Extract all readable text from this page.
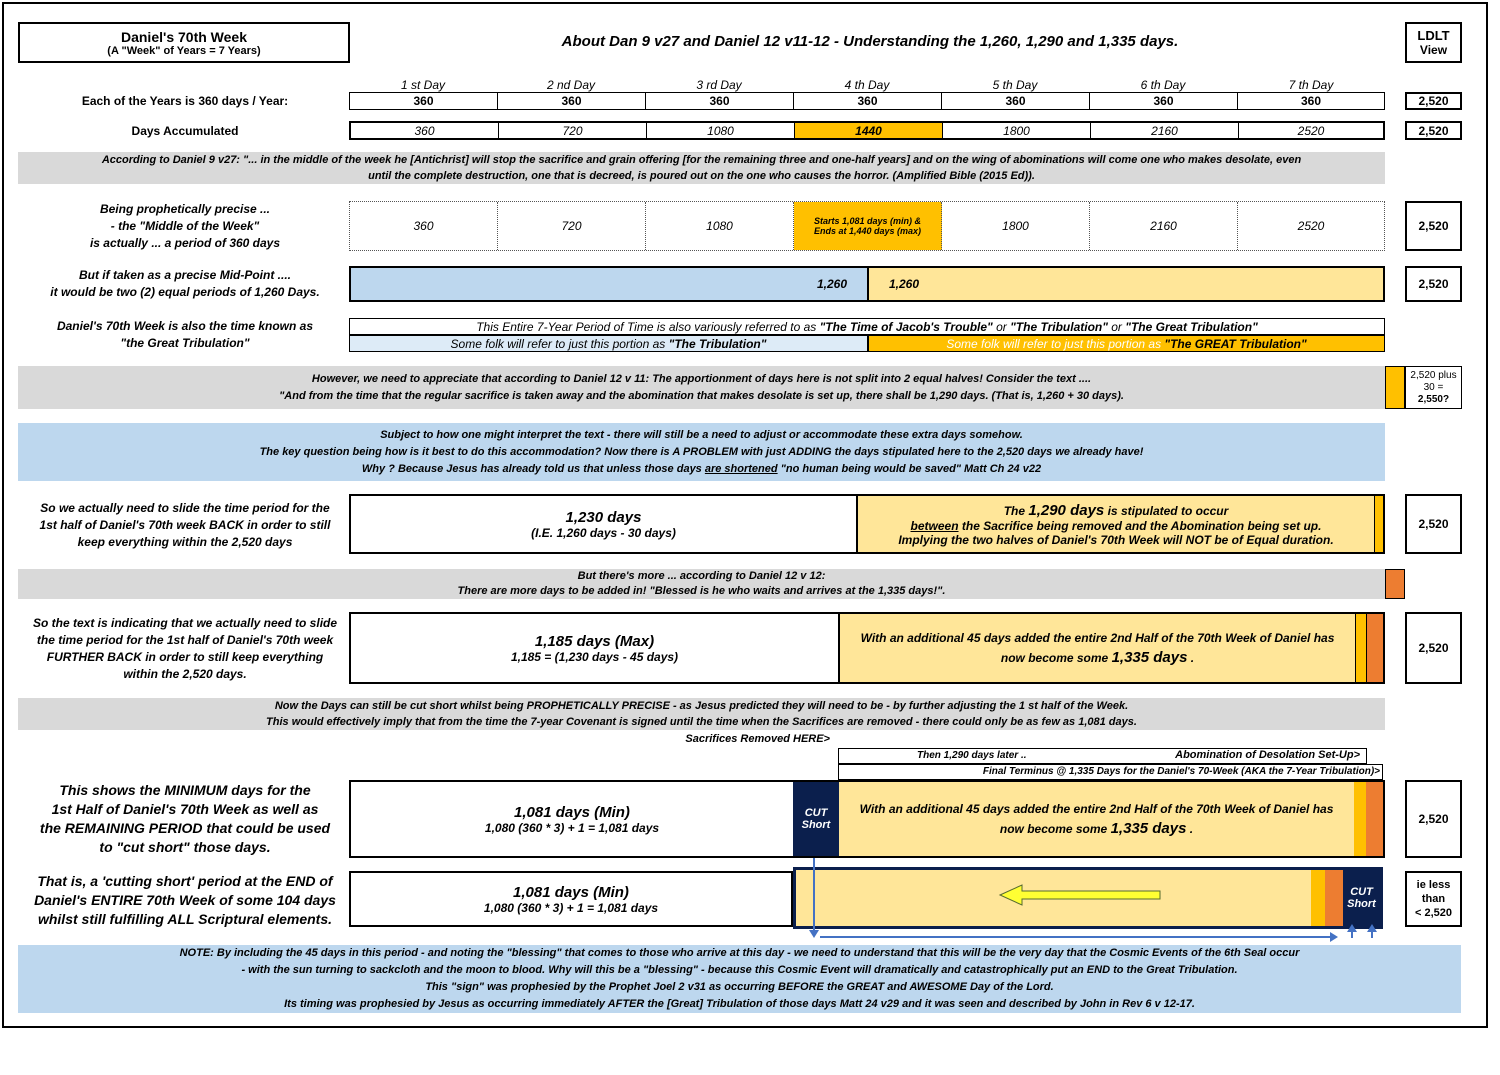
Daniel's 70th Week
(A "Week" of Years = 7 Years)
About Dan 9 v27 and Daniel 12 v11-12 - Understanding the 1,260, 1,290 and 1,335 days.	LDLT
View
1 st Day	2 nd Day	3 rd Day	4 th Day	5 th Day	6 th Day	7 th Day
Each of the Years is 360 days / Year:	360	360	360	360	360	360	360	2,520
Days Accumulated	360	720	1080	1440	1800	2160	2520	2,520
According to Daniel 9 v27: "... in the middle of the week he [Antichrist] will stop the sacrifice and grain offering [for the remaining three and one-half years] and on the wing of abominations will come one who makes desolate, even
until the complete destruction, one that is decreed, is poured out on the one who causes the horror. (Amplified Bible (2015 Ed)).
Being prophetically precise ...
- the "Middle of the Week"
is actually ... a period of 360 days
360	720	1080	Starts 1,081 days (min) &
Ends at 1,440 days (max)	1800	2160	2520	2,520
But if taken as a precise Mid-Point ....
it would be two (2) equal periods of 1,260 Days.
1,260	1,260	2,520
Daniel's 70th Week is also the time known as
"the Great Tribulation"
This Entire 7-Year Period of Time is also variously referred to as "The Time of Jacob's Trouble" or "The Tribulation" or "The Great Tribulation"
Some folk will refer to just this portion as "The Tribulation"	Some folk will refer to just this portion as "The GREAT Tribulation"
However, we need to appreciate that according to Daniel 12 v 11: The apportionment of days here is not split into 2 equal halves! Consider the text ....
"And from the time that the regular sacrifice is taken away and the abomination that makes desolate is set up, there shall be 1,290 days. (That is, 1,260 + 30 days).
2,520 plus
30 =
2,550?
Subject to how one might interpret the text - there will still be a need to adjust or accommodate these extra days somehow.
The key question being how is it best to do this accommodation? Now there is A PROBLEM with just ADDING the days stipulated here to the 2,520 days we already have!
Why ? Because Jesus has already told us that unless those days are shortened "no human being would be saved" Matt Ch 24 v22
So we actually need to slide the time period for the
1st half of Daniel's 70th week BACK in order to still
keep everything within the 2,520 days
1,230 days
(I.E. 1,260 days - 30 days)
The 1,290 days is stipulated to occur
between the Sacrifice being removed and the Abomination being set up.
Implying the two halves of Daniel's 70th Week will NOT be of Equal duration.
2,520
But there's more ... according to Daniel 12 v 12:
There are more days to be added in! "Blessed is he who waits and arrives at the 1,335 days!".
So the text is indicating that we actually need to slide
the time period for the 1st half of Daniel's 70th week
FURTHER BACK in order to still keep everything
within the 2,520 days.
1,185 days (Max)
1,185 = (1,230 days - 45 days)
With an additional 45 days added the entire 2nd Half of the 70th Week of Daniel has
now become some 1,335 days .
2,520
Now the Days can still be cut short whilst being PROPHETICALLY PRECISE - as Jesus predicted they will need to be - by further adjusting the 1 st half of the Week.
This would effectively imply that from the time the 7-year Covenant is signed until the time when the Sacrifices are removed - there could only be as few as 1,081 days.
Sacrifices Removed HERE>
Then 1,290 days later ..	Abomination of Desolation Set-Up>
Final Terminus @ 1,335 Days for the Daniel's 70-Week (AKA the 7-Year Tribulation)>
This shows the MINIMUM days for the
1st Half of Daniel's 70th Week as well as
the REMAINING PERIOD that could be used
to "cut short" those days.
1,081 days (Min)
1,080 (360 * 3) + 1 = 1,081 days
CUT
Short
With an additional 45 days added the entire 2nd Half of the 70th Week of Daniel has
now become some 1,335 days .
2,520
That is, a 'cutting short' period at the END of
Daniel's ENTIRE 70th Week of some 104 days
whilst still fulfilling ALL Scriptural elements.
1,081 days (Min)
1,080 (360 * 3) + 1 = 1,081 days
CUT
Short
ie less
than
< 2,520
NOTE: By including the 45 days in this period - and noting the "blessing" that comes to those who arrive at this day - we need to understand that this will be the very day that the Cosmic Events of the 6th Seal occur
- with the sun turning to sackcloth and the moon to blood. Why will this be a "blessing" - because this Cosmic Event will dramatically and catastrophically put an END to the Great Tribulation.
This "sign" was prophesied by the Prophet Joel 2 v31 as occurring BEFORE the GREAT and AWESOME Day of the Lord.
Its timing was prophesied by Jesus as occurring immediately AFTER the [Great] Tribulation of those days Matt 24 v29 and it was seen and described by John in Rev 6 v 12-17.
